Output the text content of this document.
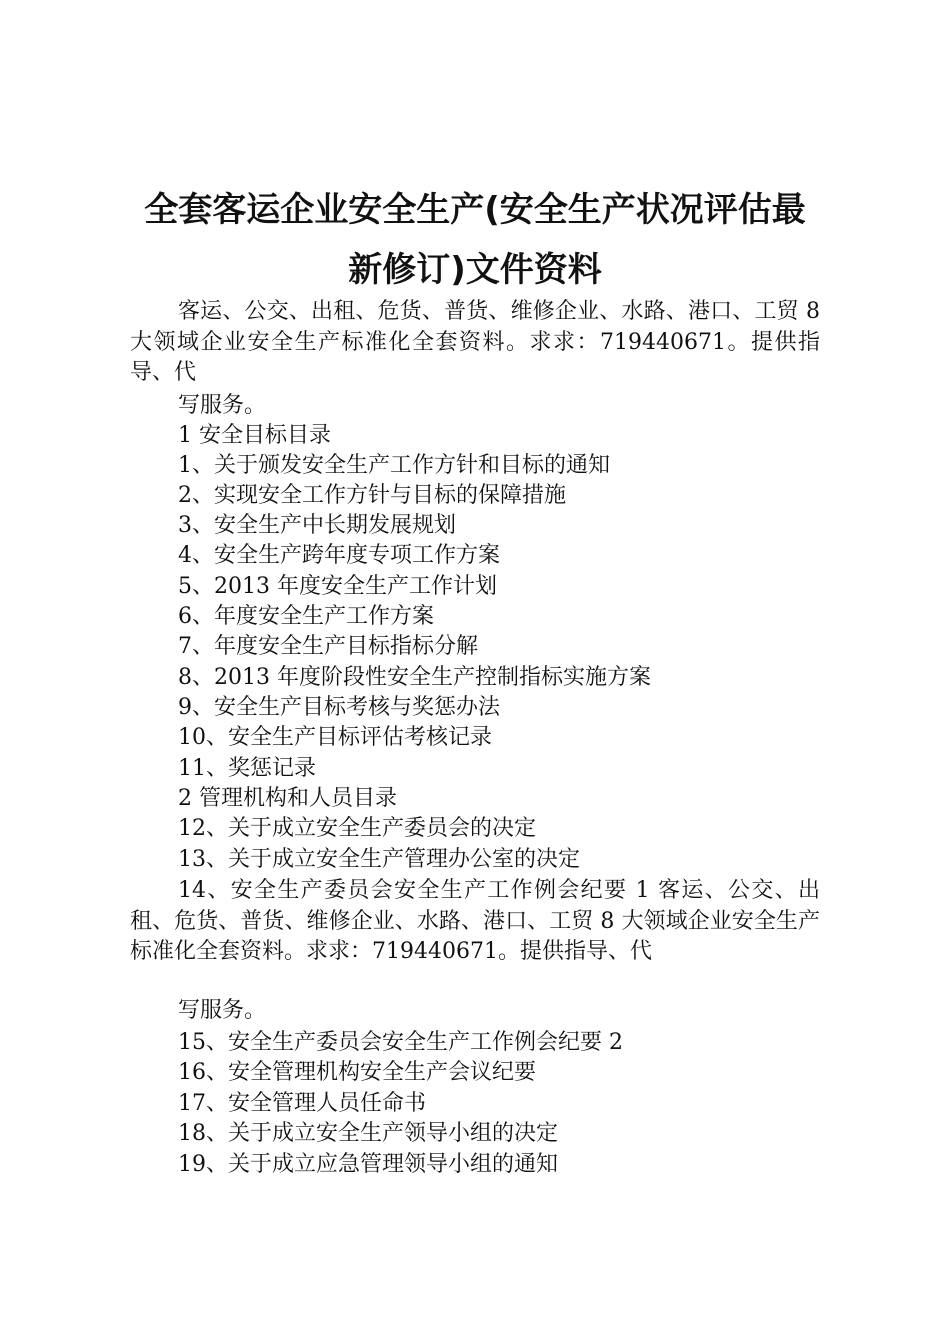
全套客运企业安全生产(安全生产状况评估最
新修订)文件资料

客运、公交、出租、危货、普货、维修企业、水路、港口、工贸 8 大领域企业安全生产标准化全套资料。求求：719440671。提供指导、代

写服务。

1 安全目标目录

1、关于颁发安全生产工作方针和目标的通知

2、实现安全工作方针与目标的保障措施

3、安全生产中长期发展规划

4、安全生产跨年度专项工作方案

5、2013 年度安全生产工作计划

6、年度安全生产工作方案

7、年度安全生产目标指标分解

8、2013 年度阶段性安全生产控制指标实施方案

9、安全生产目标考核与奖惩办法

10、安全生产目标评估考核记录

11、奖惩记录

2 管理机构和人员目录

12、关于成立安全生产委员会的决定

13、关于成立安全生产管理办公室的决定

14、安全生产委员会安全生产工作例会纪要 1 客运、公交、出租、危货、普货、维修企业、水路、港口、工贸 8 大领域企业安全生产标准化全套资料。求求：719440671。提供指导、代

写服务。

15、安全生产委员会安全生产工作例会纪要 2

16、安全管理机构安全生产会议纪要

17、安全管理人员任命书

18、关于成立安全生产领导小组的决定

19、关于成立应急管理领导小组的通知
